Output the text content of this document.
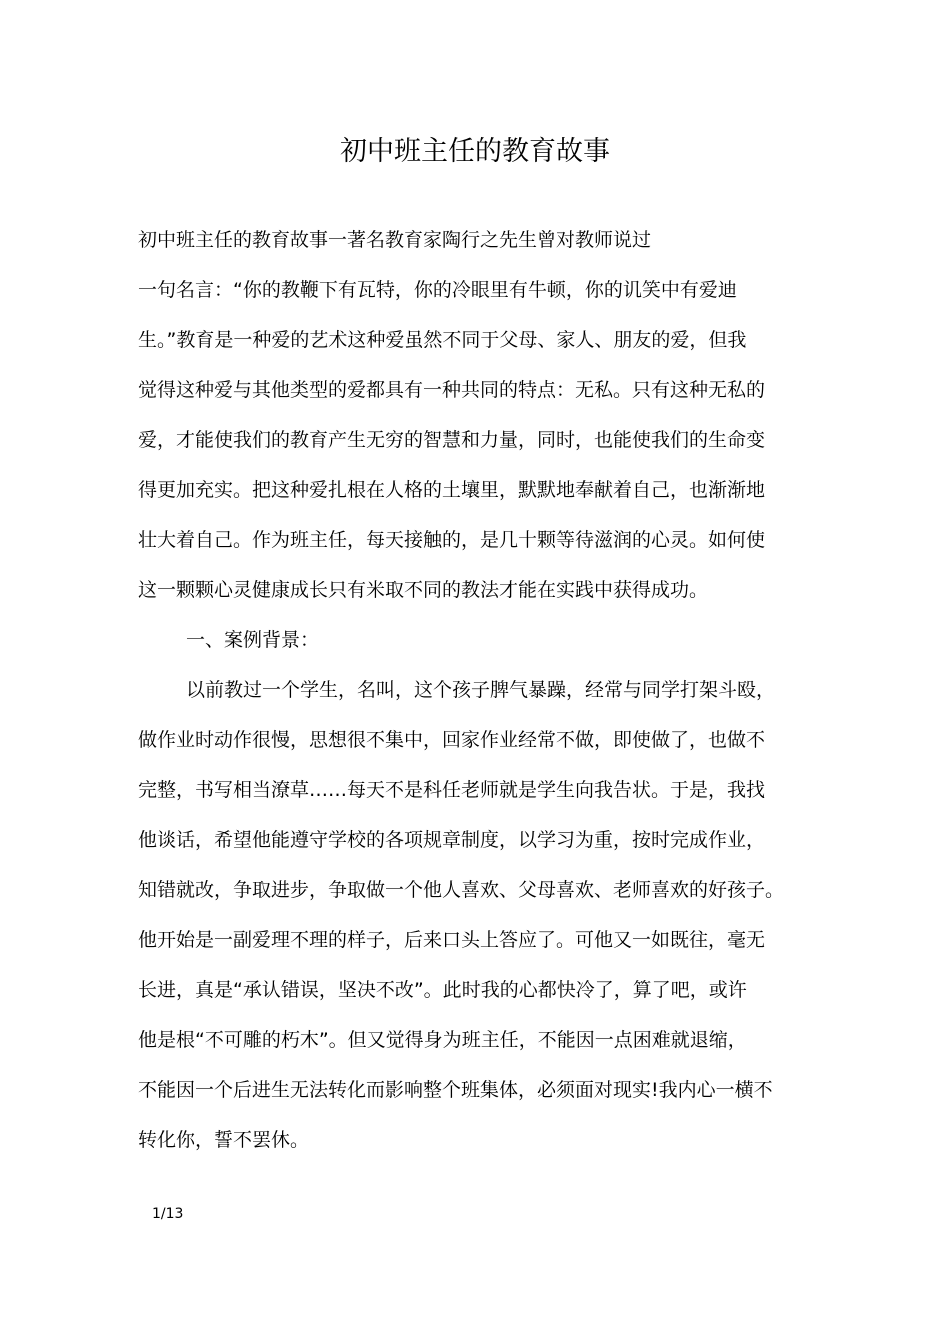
初中班主任的教育故事

初中班主任的教育故事一著名教育家陶行之先生曾对教师说过

一句名言：“你的教鞭下有瓦特，你的冷眼里有牛顿，你的讥笑中有爱迪

生。”教育是一种爱的艺术这种爱虽然不同于父母、家人、朋友的爱，但我

觉得这种爱与其他类型的爱都具有一种共同的特点：无私。只有这种无私的

爱，才能使我们的教育产生无穷的智慧和力量，同时，也能使我们的生命变

得更加充实。把这种爱扎根在人格的土壤里，默默地奉献着自己，也渐渐地

壮大着自己。作为班主任，每天接触的，是几十颗等待滋润的心灵。如何使

这一颗颗心灵健康成长只有米取不同的教法才能在实践中获得成功。

一、案例背景：

以前教过一个学生，名叫，这个孩子脾气暴躁，经常与同学打架斗殴，

做作业时动作很慢，思想很不集中，回家作业经常不做，即使做了，也做不

完整，书写相当潦草……每天不是科任老师就是学生向我告状。于是，我找

他谈话，希望他能遵守学校的各项规章制度，以学习为重，按时完成作业，

知错就改，争取进步，争取做一个他人喜欢、父母喜欢、老师喜欢的好孩子。

他开始是一副爱理不理的样子，后来口头上答应了。可他又一如既往，毫无

长进，真是“承认错误，坚决不改”。此时我的心都快冷了，算了吧，或许

他是根“不可雕的朽木”。但又觉得身为班主任，不能因一点困难就退缩，

不能因一个后进生无法转化而影响整个班集体，必须面对现实!我内心一横不

转化你，誓不罢休。

1/13
